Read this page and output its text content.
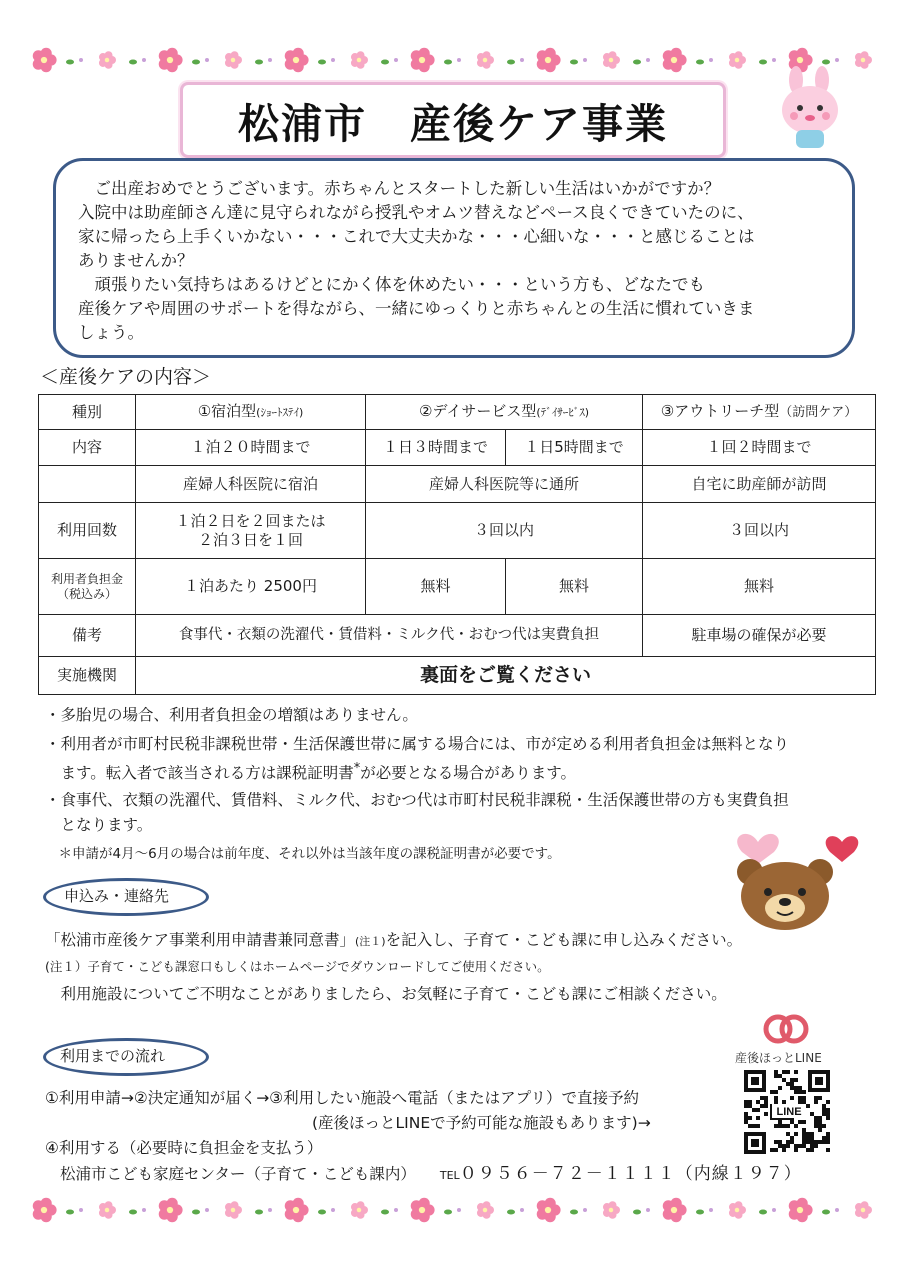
松浦市　産後ケア事業
　ご出産おめでとうございます。赤ちゃんとスタートした新しい生活はいかがですか？
入院中は助産師さん達に見守られながら授乳やオムツ替えなどペース良くできていたのに、
家に帰ったら上手くいかない・・・これで大丈夫かな・・・心細いな・・・と感じることは
ありませんか？
　頑張りたい気持ちはあるけどとにかく体を休めたい・・・という方も、どなたでも
産後ケアや周囲のサポートを得ながら、一緒にゆっくりと赤ちゃんとの生活に慣れていきま
しょう。
＜産後ケアの内容＞
種別	①宿泊型(ｼｮｰﾄｽﾃｲ)	②デイサービス型(ﾃﾞｲｻｰﾋﾞｽ)		③アウトリーチ型（訪問ケア）
内容	１泊２０時間まで	１日３時間まで	１日5時間まで	１回２時間まで
	産婦人科医院に宿泊	産婦人科医院等に通所		自宅に助産師が訪問
利用回数	１泊２日を２回または
２泊３日を１回	３回以内		３回以内

利用者負担金
（税込み）	１泊あたり 2500円	無料	無料	無料
備考	食事代・衣類の洗濯代・賃借料・ミルク代・おむつ代は実費負担			駐車場の確保が必要
実施機関	裏面をご覧ください			
・多胎児の場合、利用者負担金の増額はありません。
・利用者が市町村民税非課税世帯・生活保護世帯に属する場合には、市が定める利用者負担金は無料となり
　ます。転入者で該当される方は課税証明書*が必要となる場合があります。
・食事代、衣類の洗濯代、賃借料、ミルク代、おむつ代は市町村民税非課税・生活保護世帯の方も実費負担
　となります。
　＊申請が4月～6月の場合は前年度、それ以外は当該年度の課税証明書が必要です。
申込み・連絡先
「松浦市産後ケア事業利用申請書兼同意書」(注１)を記入し、子育て・こども課に申し込みください。
(注１）子育て・こども課窓口もしくはホームページでダウンロードしてご使用ください。
　利用施設についてご不明なことがありましたら、お気軽に子育て・こども課にご相談ください。
利用までの流れ
①利用申請→②決定通知が届く→③利用したい施設へ電話（またはアプリ）で直接予約
(産後ほっとLINEで予約可能な施設もあります)→
④利用する（必要時に負担金を支払う）
松浦市こども家庭センター（子育て・こども課内） TEL０９５６－７２－１１１１（内線１９７）
産後ほっとLINE
LINE
